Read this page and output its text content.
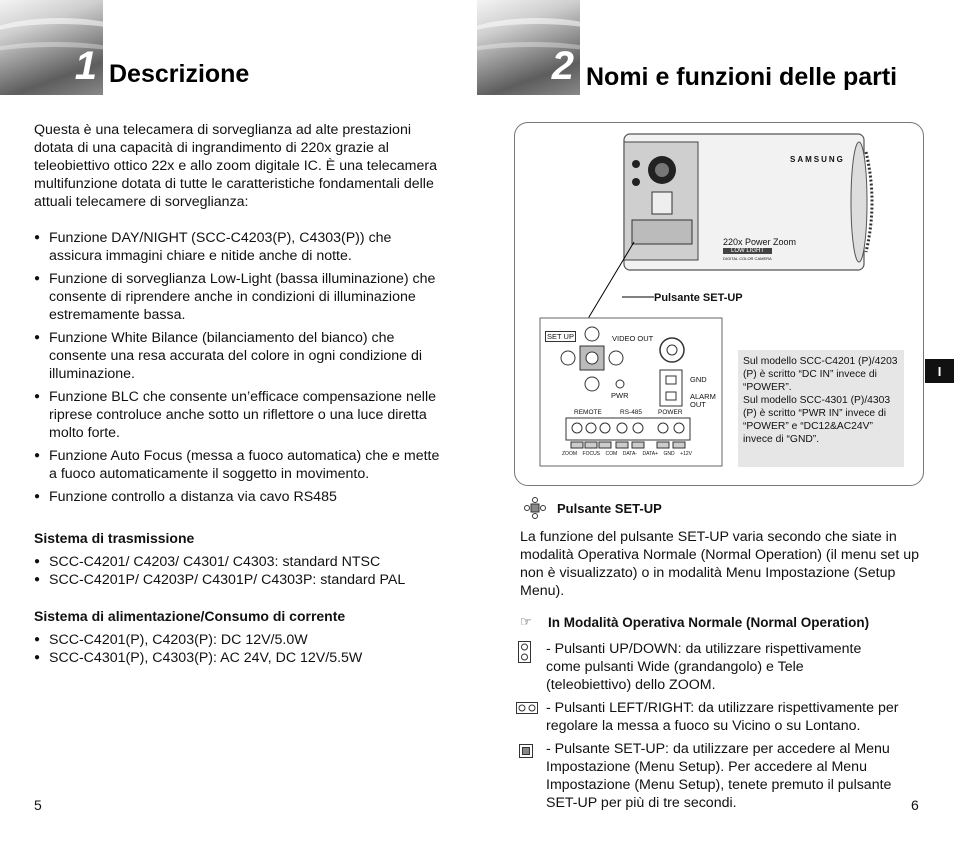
1 Descrizione
Questa è una telecamera di sorveglianza ad alte prestazioni dotata di una capacità di ingrandimento di 220x grazie al teleobiettivo ottico 22x e allo zoom digitale IC. È una telecamera multifunzione dotata di tutte le caratteristiche fondamentali delle attuali telecamere di sorveglianza:
● Funzione DAY/NIGHT (SCC-C4203(P), C4303(P)) che assicura immagini chiare e nitide anche di notte.
● Funzione di sorveglianza Low-Light (bassa illuminazione) che consente di riprendere anche in condizioni di illuminazione estremamente bassa.
● Funzione White Bilance (bilanciamento del bianco) che consente una resa accurata del colore in ogni condizione di illuminazione.
● Funzione BLC che consente un’efficace compensazione nelle riprese controluce anche sotto un riflettore o una luce diretta molto forte.
● Funzione Auto Focus (messa a fuoco automatica) che e mette a fuoco automaticamente il soggetto in movimento.
● Funzione controllo a distanza via cavo RS485
Sistema di trasmissione
● SCC-C4201/ C4203/ C4301/ C4303: standard NTSC
● SCC-C4201P/ C4203P/ C4301P/ C4303P: standard PAL
Sistema di alimentazione/Consumo di corrente
● SCC-C4201(P), C4203(P): DC 12V/5.0W
● SCC-C4301(P), C4303(P): AC 24V, DC 12V/5.5W
5
2 Nomi e funzioni delle parti
I
SAMSUNG
220x Power Zoom
LOW LIGHT
DIGITAL COLOR CAMERA
Pulsante SET-UP
SET UP	VIDEO OUT
PWR
GND
ALARM
OUT
REMOTE	RS-485 POWER
ZOOM FOCUS COM DATA- DATA+ GND +12V
Sul modello SCC-C4201 (P)/4203 (P) è scritto “DC IN” invece di “POWER”.
Sul modello SCC-4301 (P)/4303 (P) è scritto “PWR IN” invece di “POWER” e “DC12&AC24V” invece di “GND”.
Pulsante SET-UP
La funzione del pulsante SET-UP varia secondo che siate in modalità Operativa Normale (Normal Operation) (il menu set up non è visualizzato) o in modalità Menu Impostazione (Setup Menu).
☞ In Modalità Operativa Normale (Normal Operation)
- Pulsanti UP/DOWN: da utilizzare rispettivamente come pulsanti Wide (grandangolo) e Tele (teleobiettivo) dello ZOOM.
- Pulsanti LEFT/RIGHT: da utilizzare rispettivamente per regolare la messa a fuoco su Vicino o su Lontano.
- Pulsante SET-UP: da utilizzare per accedere al Menu Impostazione (Menu Setup). Per accedere al Menu Impostazione (Menu Setup), tenete premuto il pulsante SET-UP per più di tre secondi.	6
